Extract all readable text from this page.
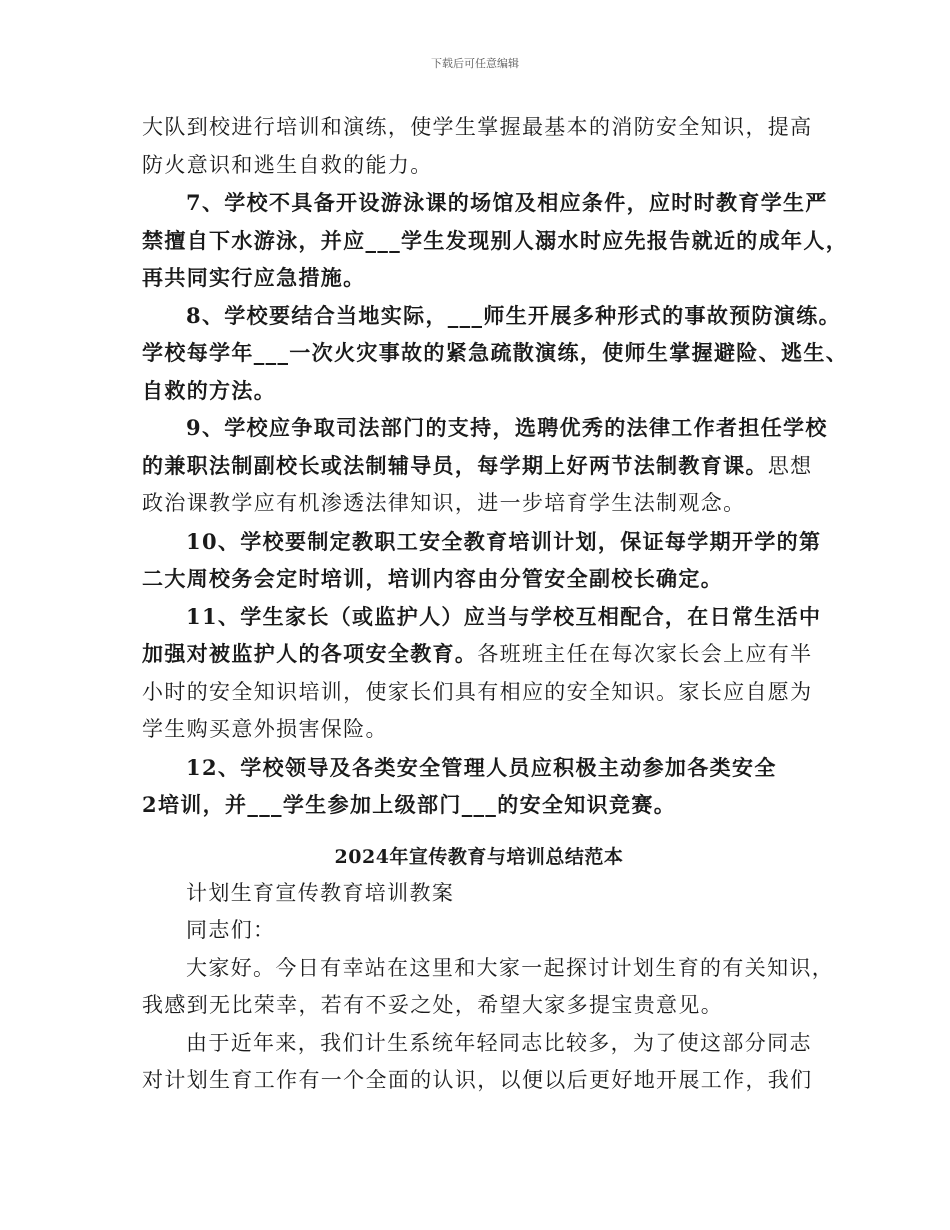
下载后可任意编辑
大队到校进行培训和演练，使学生掌握最基本的消防安全知识，提高
防火意识和逃生自救的能力。
7、学校不具备开设游泳课的场馆及相应条件，应时时教育学生严
禁擅自下水游泳，并应___学生发现别人溺水时应先报告就近的成年人，
再共同实行应急措施。
8、学校要结合当地实际，___师生开展多种形式的事故预防演练。
学校每学年___一次火灾事故的紧急疏散演练，使师生掌握避险、逃生、
自救的方法。
9、学校应争取司法部门的支持，选聘优秀的法律工作者担任学校
的兼职法制副校长或法制辅导员，每学期上好两节法制教育课。思想
政治课教学应有机渗透法律知识，进一步培育学生法制观念。
10、学校要制定教职工安全教育培训计划，保证每学期开学的第
二大周校务会定时培训，培训内容由分管安全副校长确定。
11、学生家长（或监护人）应当与学校互相配合，在日常生活中
加强对被监护人的各项安全教育。各班班主任在每次家长会上应有半
小时的安全知识培训，使家长们具有相应的安全知识。家长应自愿为
学生购买意外损害保险。
12、学校领导及各类安全管理人员应积极主动参加各类安全
2培训，并___学生参加上级部门___的安全知识竞赛。
2024年宣传教育与培训总结范本
计划生育宣传教育培训教案
同志们：
大家好。今日有幸站在这里和大家一起探讨计划生育的有关知识，
我感到无比荣幸，若有不妥之处，希望大家多提宝贵意见。
由于近年来，我们计生系统年轻同志比较多，为了使这部分同志
对计划生育工作有一个全面的认识，以便以后更好地开展工作，我们
